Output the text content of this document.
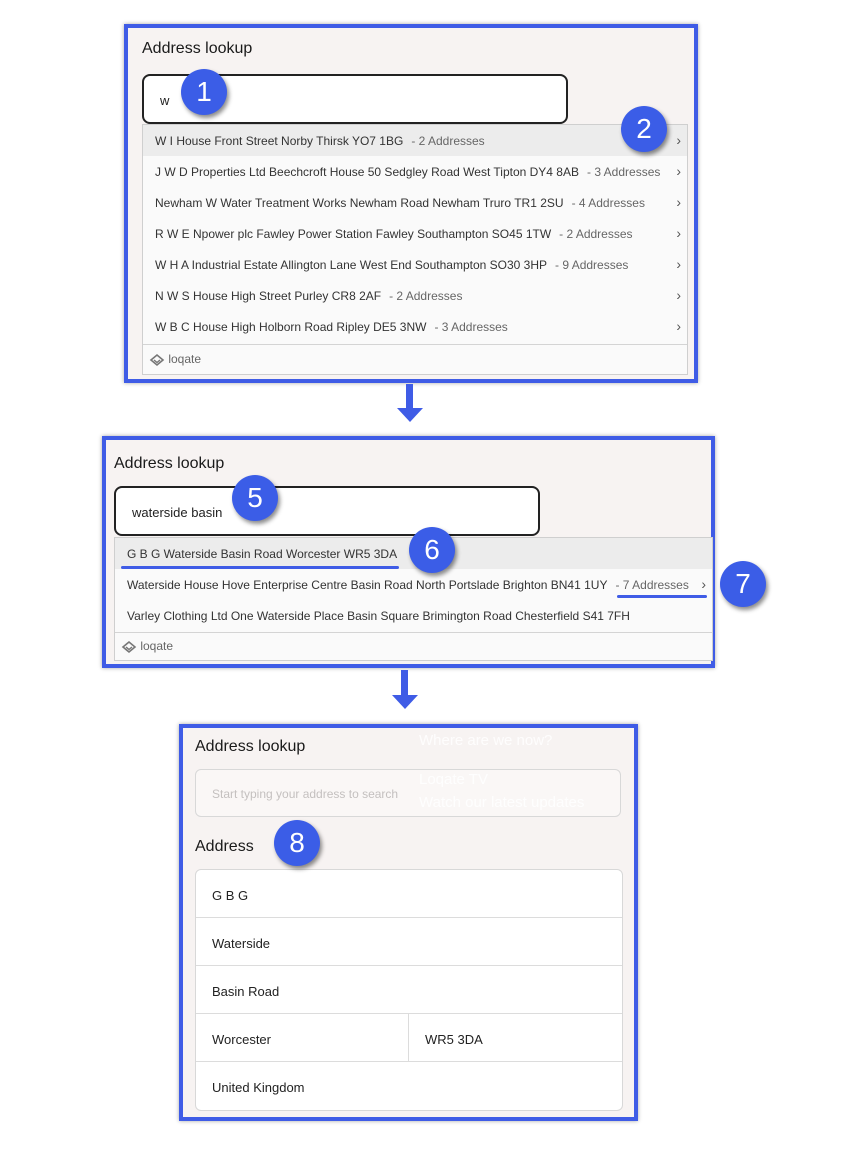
Address lookup
w
W I House Front Street Norby Thirsk YO7 1BG - 2 Addresses	›
J W D Properties Ltd Beechcroft House 50 Sedgley Road West Tipton DY4 8AB - 3 Addresses ›
Newham W Water Treatment Works Newham Road Newham Truro TR1 2SU - 4 Addresses ›
R W E Npower plc Fawley Power Station Fawley Southampton SO45 1TW - 2 Addresses	›
W H A Industrial Estate Allington Lane West End Southampton SO30 3HP - 9 Addresses	›
N W S House High Street Purley CR8 2AF - 2 Addresses	›
W B C House High Holborn Road Ripley DE5 3NW - 3 Addresses	›
loqate
1
2
Address lookup
waterside basin
G B G Waterside Basin Road Worcester WR5 3DA
Waterside House Hove Enterprise Centre Basin Road North Portslade Brighton BN41 1UY - 7 Addresses ›
Varley Clothing Ltd One Waterside Place Basin Square Brimington Road Chesterfield S41 7FH
loqate
5
6
7
Where are we now?
Loqate TV
Watch our latest updates
Address lookup
Start typing your address to search
Address
G B G
Waterside
Basin Road
Worcester	WR5 3DA
United Kingdom
8
